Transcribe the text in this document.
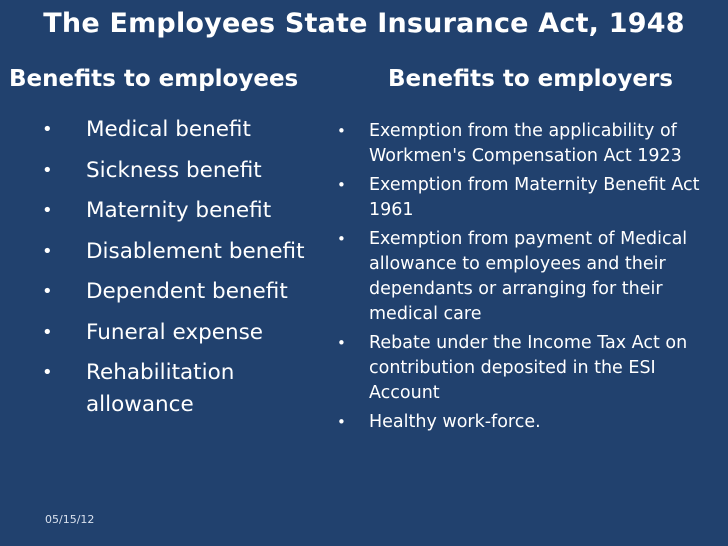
The Employees State Insurance Act, 1948
Benefits to employees	Benefits to employers
• Medical benefit
• Sickness benefit
• Maternity benefit
• Disablement benefit
• Dependent benefit
• Funeral expense
• Rehabilitation allowance
• Exemption from the applicability of Workmen's Compensation Act 1923
• Exemption from Maternity Benefit Act 1961
• Exemption from payment of Medical allowance to employees and their dependants or arranging for their medical care
• Rebate under the Income Tax Act on contribution deposited in the ESI Account
• Healthy work-force.
05/15/12
